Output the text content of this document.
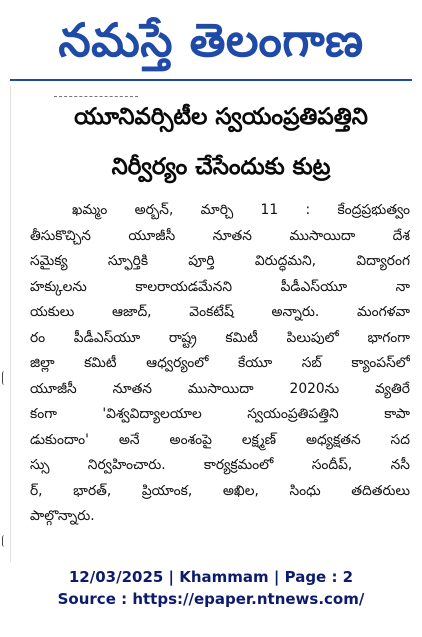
నమస్తే తెలంగాణ
యూనివర్సిటీల స్వయంప్రతిపత్తిని
నిర్వీర్యం చేసేందుకు కుట్ర
ఖమ్మం అర్బన్, మార్చి 11 : కేంద్రప్రభుత్వం
తీసుకొచ్చిన యూజీసీ నూతన ముసాయిదా దేశ
సమైక్య స్ఫూర్తికి పూర్తి విరుద్ధమని, విద్యారంగ
హక్కులను కాలరాయడమేనని పీడీఎస్‌యూ నా
యకులు ఆజాద్, వెంకటేష్ అన్నారు. మంగళవా
రం పీడీఎస్‌యూ రాష్ట్ర కమిటీ పిలుపులో భాగంగా
జిల్లా కమిటీ ఆధ్వర్యంలో కేయూ సబ్ క్యాంపస్‌లో
యూజీసీ నూతన ముసాయిదా 2020ను వ్యతిరే
కంగా 'విశ్వవిద్యాలయాల స్వయంప్రతిపత్తిని కాపా
డుకుందాం' అనే అంశంపై లక్ష్మణ్ అధ్యక్షతన సద
స్సు నిర్వహించారు. కార్యక్రమంలో సందీప్, నసీ
ర్, భారత్, ప్రియాంక, అఖిల, సింధు తదితరులు
పాల్గొన్నారు.
12/03/2025 | Khammam | Page : 2
Source : https://epaper.ntnews.com/
